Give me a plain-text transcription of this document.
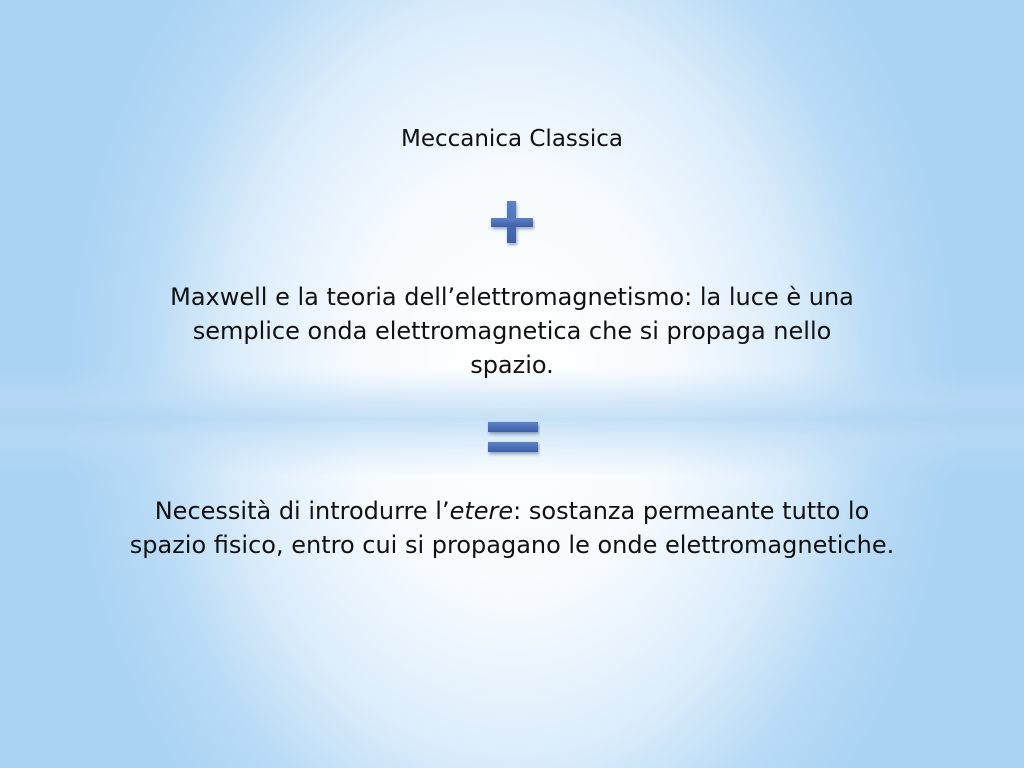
Meccanica Classica
Maxwell e la teoria dell’elettromagnetismo: la luce è una
semplice onda elettromagnetica che si propaga nello
spazio.
Necessità di introdurre l’etere: sostanza permeante tutto lo
spazio fisico, entro cui si propagano le onde elettromagnetiche.
